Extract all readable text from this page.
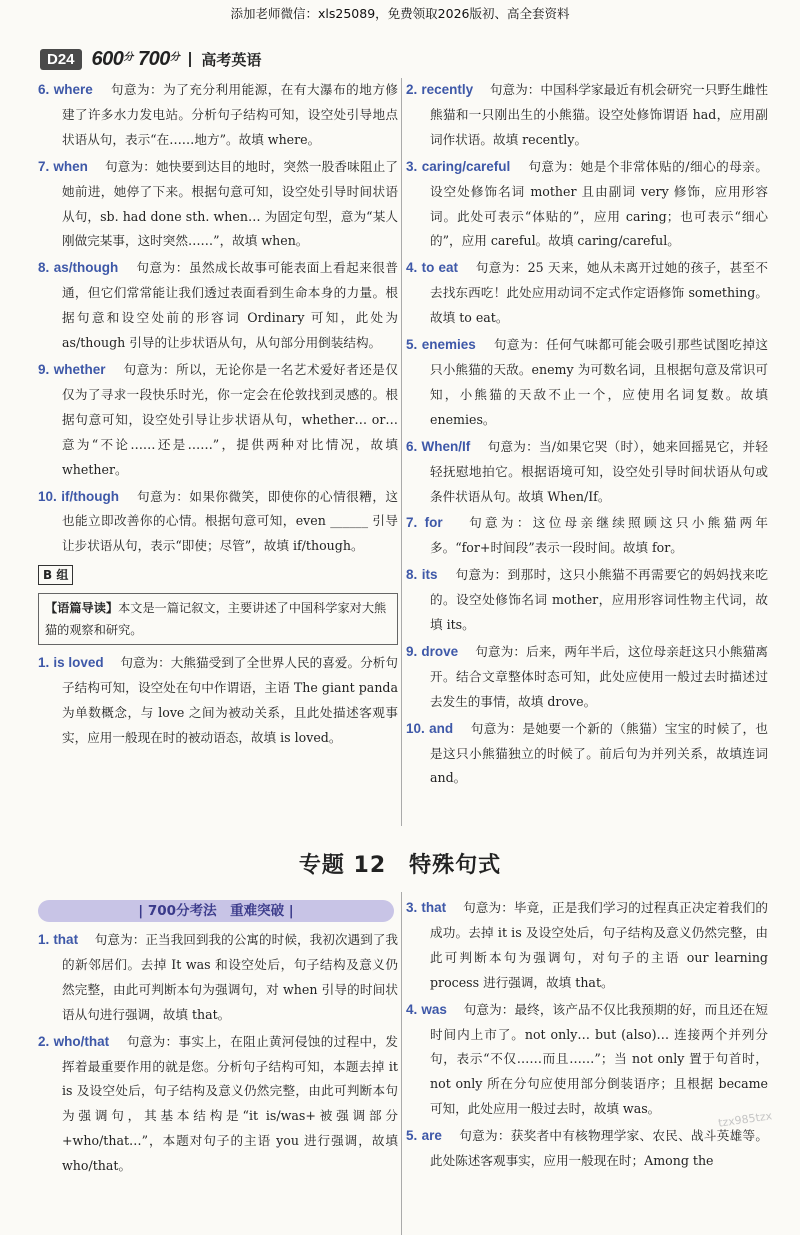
添加老师微信：xls25089，免费领取2026版初、高全套资料
D24 $600^分$ $700^分$ 高考英语
6. where　 句意为：为了充分利用能源，在有大瀑布的地方修建了许多水力发电站。分析句子结构可知，设空处引导地点状语从句，表示“在……地方”。故填 where。
7. when　 句意为：她快要到达目的地时，突然一股香味阻止了她前进，她停了下来。根据句意可知，设空处引导时间状语从句，sb. had done sth. when… 为固定句型，意为“某人刚做完某事，这时突然……”，故填 when。
8. as/though　 句意为：虽然成长故事可能表面上看起来很普通，但它们常常能让我们透过表面看到生命本身的力量。根据句意和设空处前的形容词 Ordinary 可知，此处为 as/though 引导的让步状语从句，从句部分用倒装结构。
9. whether　 句意为：所以，无论你是一名艺术爱好者还是仅仅为了寻求一段快乐时光，你一定会在伦敦找到灵感的。根据句意可知，设空处引导让步状语从句，whether… or… 意为“不论……还是……”，提供两种对比情况，故填 whether。
10. if/though　 句意为：如果你微笑，即使你的心情很糟，这也能立即改善你的心情。根据句意可知，even ______ 引导让步状语从句，表示“即使；尽管”，故填 if/though。
B 组
【语篇导读】本文是一篇记叙文，主要讲述了中国科学家对大熊猫的观察和研究。
1. is loved　 句意为：大熊猫受到了全世界人民的喜爱。分析句子结构可知，设空处在句中作谓语，主语 The giant panda 为单数概念，与 love 之间为被动关系，且此处描述客观事实，应用一般现在时的被动语态，故填 is loved。
2. recently　 句意为：中国科学家最近有机会研究一只野生雌性熊猫和一只刚出生的小熊猫。设空处修饰谓语 had，应用副词作状语。故填 recently。
3. caring/careful　 句意为：她是个非常体贴的/细心的母亲。设空处修饰名词 mother 且由副词 very 修饰，应用形容词。此处可表示“体贴的”，应用 caring；也可表示“细心的”，应用 careful。故填 caring/careful。
4. to eat　 句意为：25 天来，她从未离开过她的孩子，甚至不去找东西吃！此处应用动词不定式作定语修饰 something。故填 to eat。
5. enemies　 句意为：任何气味都可能会吸引那些试图吃掉这只小熊猫的天敌。enemy 为可数名词，且根据句意及常识可知，小熊猫的天敌不止一个，应使用名词复数。故填 enemies。
6. When/If　 句意为：当/如果它哭（时），她来回摇晃它，并轻轻抚慰地拍它。根据语境可知，设空处引导时间状语从句或条件状语从句。故填 When/If。
7. for　 句意为：这位母亲继续照顾这只小熊猫两年多。“for+时间段”表示一段时间。故填 for。
8. its　 句意为：到那时，这只小熊猫不再需要它的妈妈找来吃的。设空处修饰名词 mother，应用形容词性物主代词，故填 its。
9. drove　 句意为：后来，两年半后，这位母亲赶这只小熊猫离开。结合文章整体时态可知，此处应使用一般过去时描述过去发生的事情，故填 drove。
10. and　 句意为：是她要一个新的（熊猫）宝宝的时候了，也是这只小熊猫独立的时候了。前后句为并列关系，故填连词 and。
专题 12　特殊句式
| 700分考法　重难突破 |
1. that　 句意为：正当我回到我的公寓的时候，我初次遇到了我的新邻居们。去掉 It was 和设空处后，句子结构及意义仍然完整，由此可判断本句为强调句，对 when 引导的时间状语从句进行强调，故填 that。
2. who/that　 句意为：事实上，在阻止黄河侵蚀的过程中，发挥着最重要作用的就是您。分析句子结构可知，本题去掉 it is 及设空处后，句子结构及意义仍然完整，由此可判断本句为强调句，其基本结构是“it is/was+被强调部分+who/that…”，本题对句子的主语 you 进行强调，故填 who/that。
3. that　 句意为：毕竟，正是我们学习的过程真正决定着我们的成功。去掉 it is 及设空处后，句子结构及意义仍然完整，由此可判断本句为强调句，对句子的主语 our learning process 进行强调，故填 that。
4. was　 句意为：最终，该产品不仅比我预期的好，而且还在短时间内上市了。not only… but (also)… 连接两个并列分句，表示“不仅……而且……”；当 not only 置于句首时，not only 所在分句应使用部分倒装语序；且根据 became 可知，此处应用一般过去时，故填 was。
5. are　 句意为：获奖者中有核物理学家、农民、战斗英雄等。此处陈述客观事实，应用一般现在时；Among the
tzx985tzx
